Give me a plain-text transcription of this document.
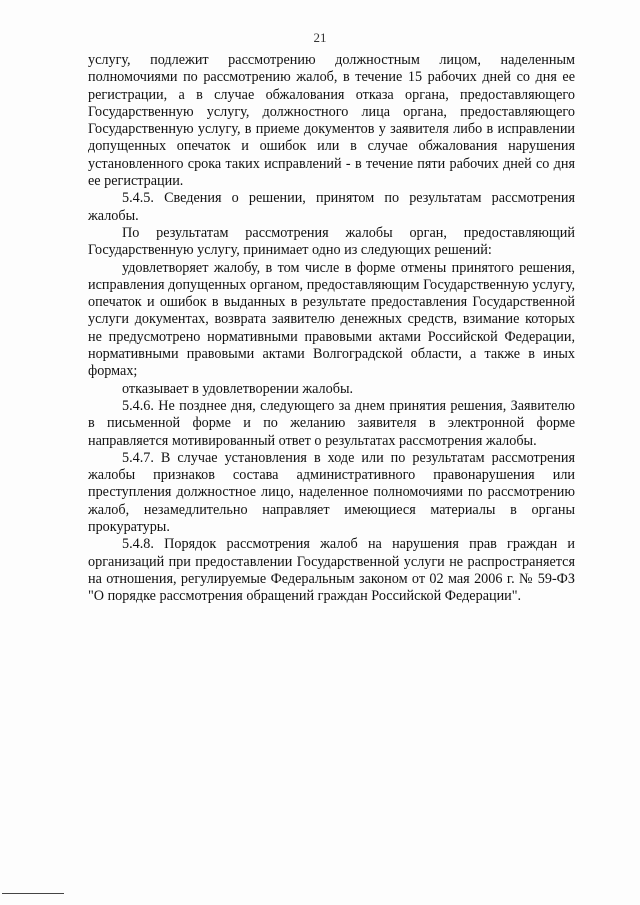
21

услугу, подлежит рассмотрению должностным лицом, наделенным полномочиями по рассмотрению жалоб, в течение 15 рабочих дней со дня ее регистрации, а в случае обжалования отказа органа, предоставляющего Государственную услугу, должностного лица органа, предоставляющего Государственную услугу, в приеме документов у заявителя либо в исправлении допущенных опечаток и ошибок или в случае обжалования нарушения установленного срока таких исправлений - в течение пяти рабочих дней со дня ее регистрации.

5.4.5. Сведения о решении, принятом по результатам рассмотрения жалобы.

По результатам рассмотрения жалобы орган, предоставляющий Государственную услугу, принимает одно из следующих решений:

удовлетворяет жалобу, в том числе в форме отмены принятого решения, исправления допущенных органом, предоставляющим Государственную услугу, опечаток и ошибок в выданных в результате предоставления Государственной услуги документах, возврата заявителю денежных средств, взимание которых не предусмотрено нормативными правовыми актами Российской Федерации, нормативными правовыми актами Волгоградской области, а также в иных формах;

отказывает в удовлетворении жалобы.

5.4.6. Не позднее дня, следующего за днем принятия решения, Заявителю в письменной форме и по желанию заявителя в электронной форме направляется мотивированный ответ о результатах рассмотрения жалобы.

5.4.7. В случае установления в ходе или по результатам рассмотрения жалобы признаков состава административного правонарушения или преступления должностное лицо, наделенное полномочиями по рассмотрению жалоб, незамедлительно направляет имеющиеся материалы в органы прокуратуры.

5.4.8. Порядок рассмотрения жалоб на нарушения прав граждан и организаций при предоставлении Государственной услуги не распространяется на отношения, регулируемые Федеральным законом от 02 мая 2006 г. № 59-ФЗ "О порядке рассмотрения обращений граждан Российской Федерации".
